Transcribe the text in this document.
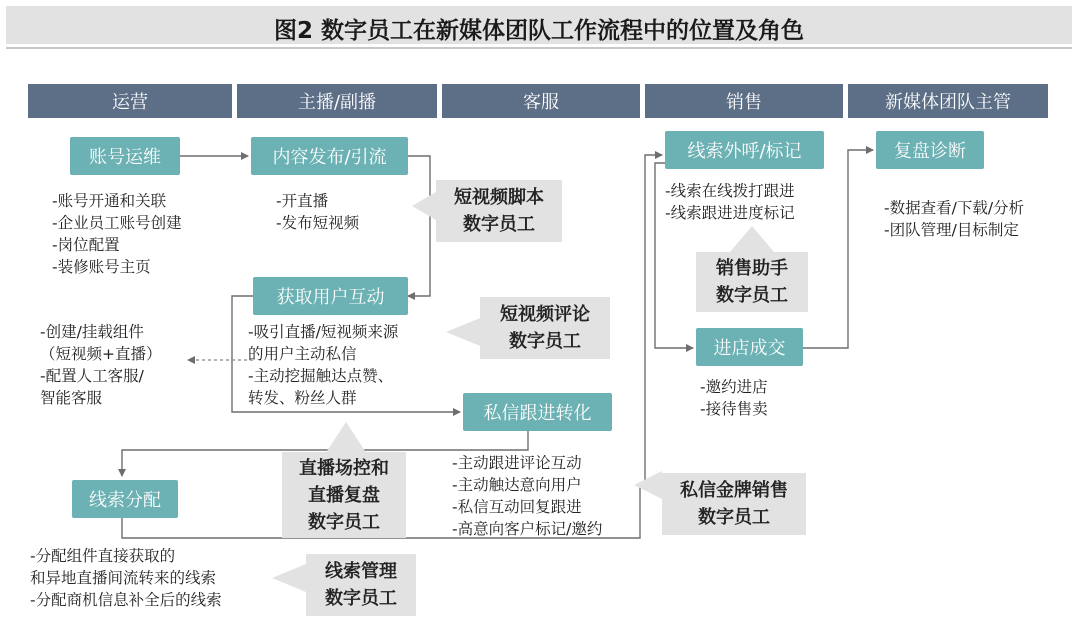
图2 数字员工在新媒体团队工作流程中的位置及角色
运营	主播/副播	客服	销售	新媒体团队主管
账号运维	内容发布/引流
获取用户互动
私信跟进转化
线索分配
线索外呼/标记
进店成交
复盘诊断
-账号开通和关联
-企业员工账号创建
-岗位配置
-装修账号主页
-开直播
-发布短视频
-创建/挂载组件
（短视频+直播）
-配置人工客服/
智能客服
-吸引直播/短视频来源
的用户主动私信
-主动挖掘触达点赞、
转发、粉丝人群
-主动跟进评论互动
-主动触达意向用户
-私信互动回复跟进
-高意向客户标记/邀约
-分配组件直接获取的
和异地直播间流转来的线索
-分配商机信息补全后的线索
-线索在线拨打跟进
-线索跟进进度标记
-邀约进店
-接待售卖
-数据查看/下载/分析
-团队管理/目标制定
短视频脚本
数字员工
短视频评论
数字员工
直播场控和
直播复盘
数字员工
线索管理
数字员工
私信金牌销售
数字员工
销售助手
数字员工
